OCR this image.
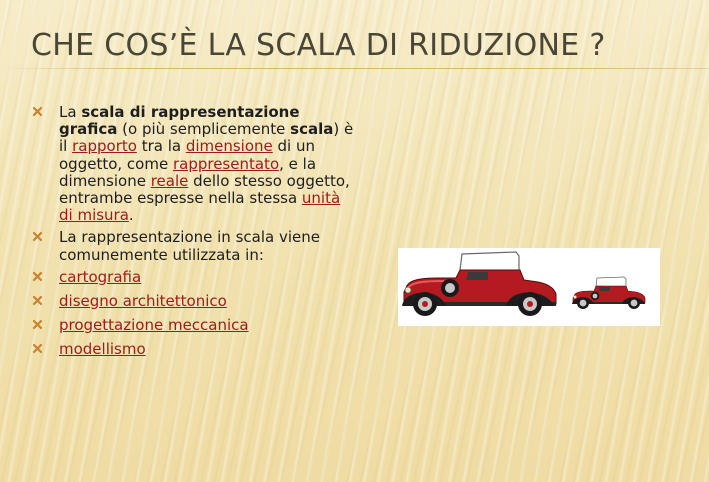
CHE COS’È LA SCALA DI RIDUZIONE ?
La scala di rappresentazione grafica (o più semplicemente scala) è il rapporto tra la dimensione di un oggetto, come rappresentato, e la dimensione reale dello stesso oggetto, entrambe espresse nella stessa unità di misura.
La rappresentazione in scala viene comunemente utilizzata in:
cartografia
disegno architettonico
progettazione meccanica
modellismo
